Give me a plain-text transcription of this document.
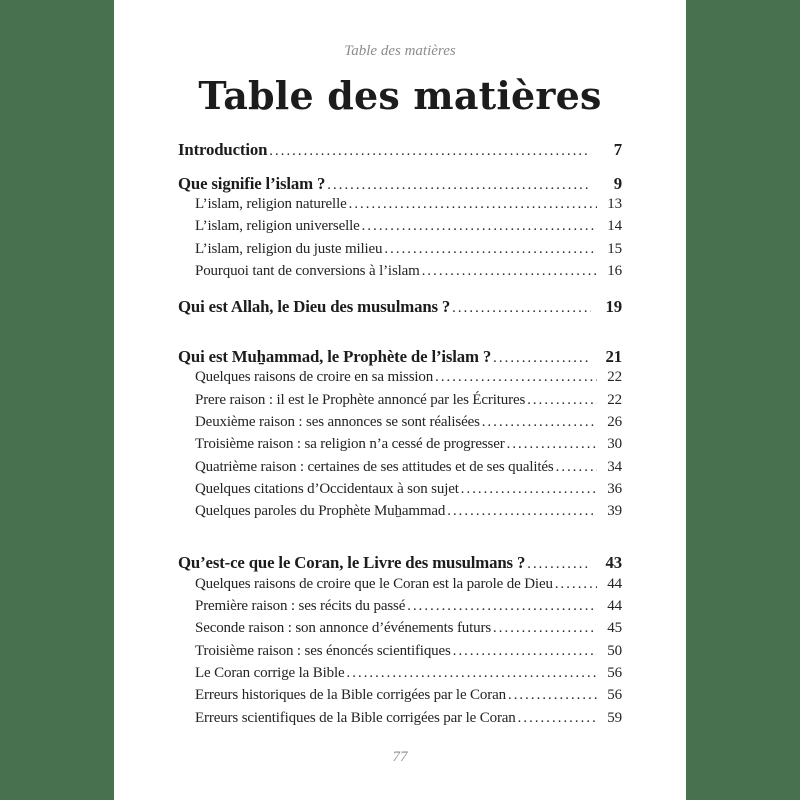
Table des matières
Table des matières
Introduction .....	7
Que signifie l’islam ? .....	9
L’islam, religion naturelle .....	13
L’islam, religion universelle .....	14
L’islam, religion du juste milieu .....	15
Pourquoi tant de conversions à l’islam .....	16
Qui est Allah, le Dieu des musulmans ? .....	19
Qui est Muẖammad, le Prophète de l’islam ? .....	21
Quelques raisons de croire en sa mission .....	22
Prere raison : il est le Prophète annoncé par les Écritures .....	22
Deuxième raison : ses annonces se sont réalisées .....	26
Troisième raison : sa religion n’a cessé de progresser .....	30
Quatrième raison : certaines de ses attitudes et de ses qualités .....	34
Quelques citations d’Occidentaux à son sujet .....	36
Quelques paroles du Prophète Muẖammad .....	39
Qu’est-ce que le Coran, le Livre des musulmans ? .....	43
Quelques raisons de croire que le Coran est la parole de Dieu .....	44
Première raison : ses récits du passé .....	44
Seconde raison : son annonce d’événements futurs .....	45
Troisième raison : ses énoncés scientifiques .....	50
Le Coran corrige la Bible .....	56
Erreurs historiques de la Bible corrigées par le Coran .....	56
Erreurs scientifiques de la Bible corrigées par le Coran .....	59
77
